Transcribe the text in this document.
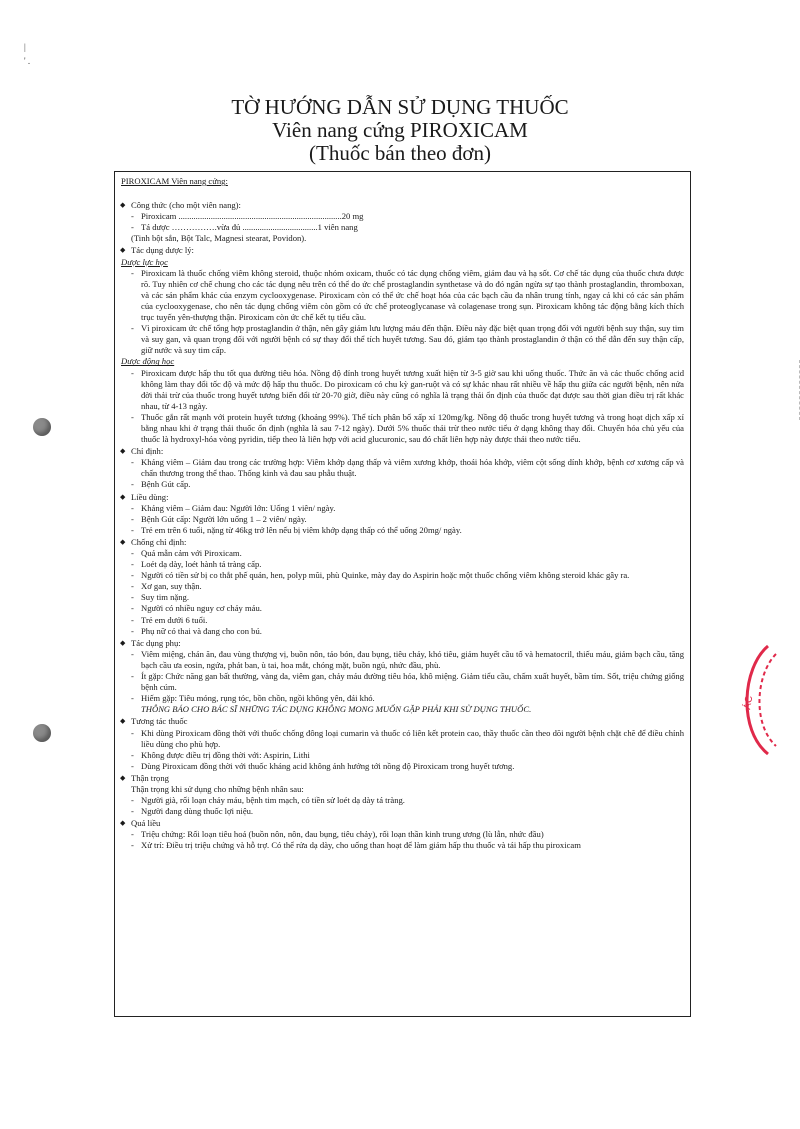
|
' .
TỜ HƯỚNG DẪN SỬ DỤNG THUỐC
Viên nang cứng PIROXICAM
(Thuốc bán theo đơn)
PIROXICAM Viên nang cứng:
◆ Công thức (cho một viên nang):
- Piroxicam ............................................................................20 mg
- Tá dược …………….vừa đủ ...................................1 viên nang
(Tinh bột sắn, Bột Talc, Magnesi stearat, Povidon).
◆ Tác dụng dược lý:
Dược lực học
- Piroxicam là thuốc chống viêm không steroid, thuộc nhóm oxicam, thuốc có tác dụng chống viêm, giảm đau và hạ sốt. Cơ chế tác dụng của thuốc chưa được rõ. Tuy nhiên cơ chế chung cho các tác dụng nêu trên có thể do ức chế prostaglandin synthetase và do đó ngăn ngừa sự tạo thành prostaglandin, thromboxan, và các sản phẩm khác của enzym cyclooxygenase. Piroxicam còn có thể ức chế hoạt hóa của các bạch cầu đa nhân trung tính, ngay cả khi có các sản phẩm của cyclooxygenase, cho nên tác dụng chống viêm còn gồm có ức chế proteoglycanase và colagenase trong sụn. Piroxicam không tác động bằng kích thích trục tuyến yên-thượng thận. Piroxicam còn ức chế kết tụ tiểu cầu.
- Vì piroxicam ức chế tổng hợp prostaglandin ở thận, nên gây giảm lưu lượng máu đến thận. Điều này đặc biệt quan trọng đối với người bệnh suy thận, suy tim và suy gan, và quan trọng đối với người bệnh có sự thay đổi thể tích huyết tương. Sau đó, giảm tạo thành prostaglandin ở thận có thể dẫn đến suy thận cấp, giữ nước và suy tim cấp.
Dược động học
- Piroxicam được hấp thu tốt qua đường tiêu hóa. Nồng độ đỉnh trong huyết tương xuất hiện từ 3-5 giờ sau khi uống thuốc. Thức ăn và các thuốc chống acid không làm thay đổi tốc độ và mức độ hấp thu thuốc. Do piroxicam có chu kỳ gan-ruột và có sự khác nhau rất nhiều về hấp thu giữa các người bệnh, nên nửa đời thải trừ của thuốc trong huyết tương biến đổi từ 20-70 giờ, điều này cũng có nghĩa là trạng thái ổn định của thuốc đạt được sau thời gian điều trị rất khác nhau, từ 4-13 ngày.
- Thuốc gắn rất mạnh với protein huyết tương (khoảng 99%). Thể tích phân bố xấp xỉ 120mg/kg. Nồng độ thuốc trong huyết tương và trong hoạt dịch xấp xỉ bằng nhau khi ở trạng thái thuốc ổn định (nghĩa là sau 7-12 ngày). Dưới 5% thuốc thải trừ theo nước tiểu ở dạng không thay đổi. Chuyển hóa chủ yếu của thuốc là hydroxyl-hóa vòng pyridin, tiếp theo là liên hợp với acid glucuronic, sau đó chất liên hợp này được thải theo nước tiểu.
◆ Chỉ định:
- Kháng viêm – Giảm đau trong các trường hợp: Viêm khớp dạng thấp và viêm xương khớp, thoái hóa khớp, viêm cột sống dính khớp, bệnh cơ xương cấp và chấn thương trong thể thao. Thống kinh và đau sau phẫu thuật.
- Bệnh Gút cấp.
◆ Liều dùng:
- Kháng viêm – Giảm đau: Người lớn: Uống 1 viên/ ngày.
- Bệnh Gút cấp: Người lớn uống 1 – 2 viên/ ngày.
- Trẻ em trên 6 tuổi, nặng từ 46kg trở lên nếu bị viêm khớp dạng thấp có thể uống 20mg/ ngày.
◆ Chống chỉ định:
- Quá mẫn cảm với Piroxicam.
- Loét dạ dày, loét hành tá tràng cấp.
- Người có tiền sử bị co thắt phế quản, hen, polyp mũi, phù Quinke, mày đay do Aspirin hoặc một thuốc chống viêm không steroid khác gây ra.
- Xơ gan, suy thận.
- Suy tim nặng.
- Người có nhiều nguy cơ chảy máu.
- Trẻ em dưới 6 tuổi.
- Phụ nữ có thai và đang cho con bú.
◆ Tác dụng phụ:
- Viêm miệng, chán ăn, đau vùng thượng vị, buồn nôn, táo bón, đau bụng, tiêu chảy, khó tiêu, giảm huyết cầu tố và hematocril, thiếu máu, giảm bạch cầu, tăng bạch cầu ưa eosin, ngứa, phát ban, ù tai, hoa mắt, chóng mặt, buồn ngủ, nhức đầu, phù.
- Ít gặp: Chức năng gan bất thường, vàng da, viêm gan, chảy máu đường tiêu hóa, khô miệng. Giảm tiểu cầu, chấm xuất huyết, bầm tím. Sốt, triệu chứng giống bệnh cúm.
- Hiếm gặp: Tiêu móng, rụng tóc, bồn chồn, ngồi không yên, đái khó.
THÔNG BÁO CHO BÁC SĨ NHỮNG TÁC DỤNG KHÔNG MONG MUỐN GẶP PHẢI KHI SỬ DỤNG THUỐC.
◆ Tương tác thuốc
- Khi dùng Piroxicam đồng thời với thuốc chống đông loại cumarin và thuốc có liên kết protein cao, thầy thuốc cần theo dõi người bệnh chặt chẽ để điều chỉnh liều dùng cho phù hợp.
- Không được điều trị đồng thời với: Aspirin, Lithi
- Dùng Piroxicam đồng thời với thuốc kháng acid không ảnh hưởng tới nồng độ Piroxicam trong huyết tương.
◆ Thận trọng
Thận trọng khi sử dụng cho những bệnh nhân sau:
- Người già, rối loạn chảy máu, bệnh tim mạch, có tiền sử loét dạ dày tá tràng.
- Người đang dùng thuốc lợi niệu.
◆ Quá liều
- Triệu chứng: Rối loạn tiêu hoá (buồn nôn, nôn, đau bụng, tiêu chảy), rối loạn thần kinh trung ương (lù lẫn, nhức đầu)
- Xử trí: Điều trị triệu chứng và hỗ trợ. Có thể rửa dạ dày, cho uống than hoạt để làm giảm hấp thu thuốc và tái hấp thu piroxicam
ÁC
